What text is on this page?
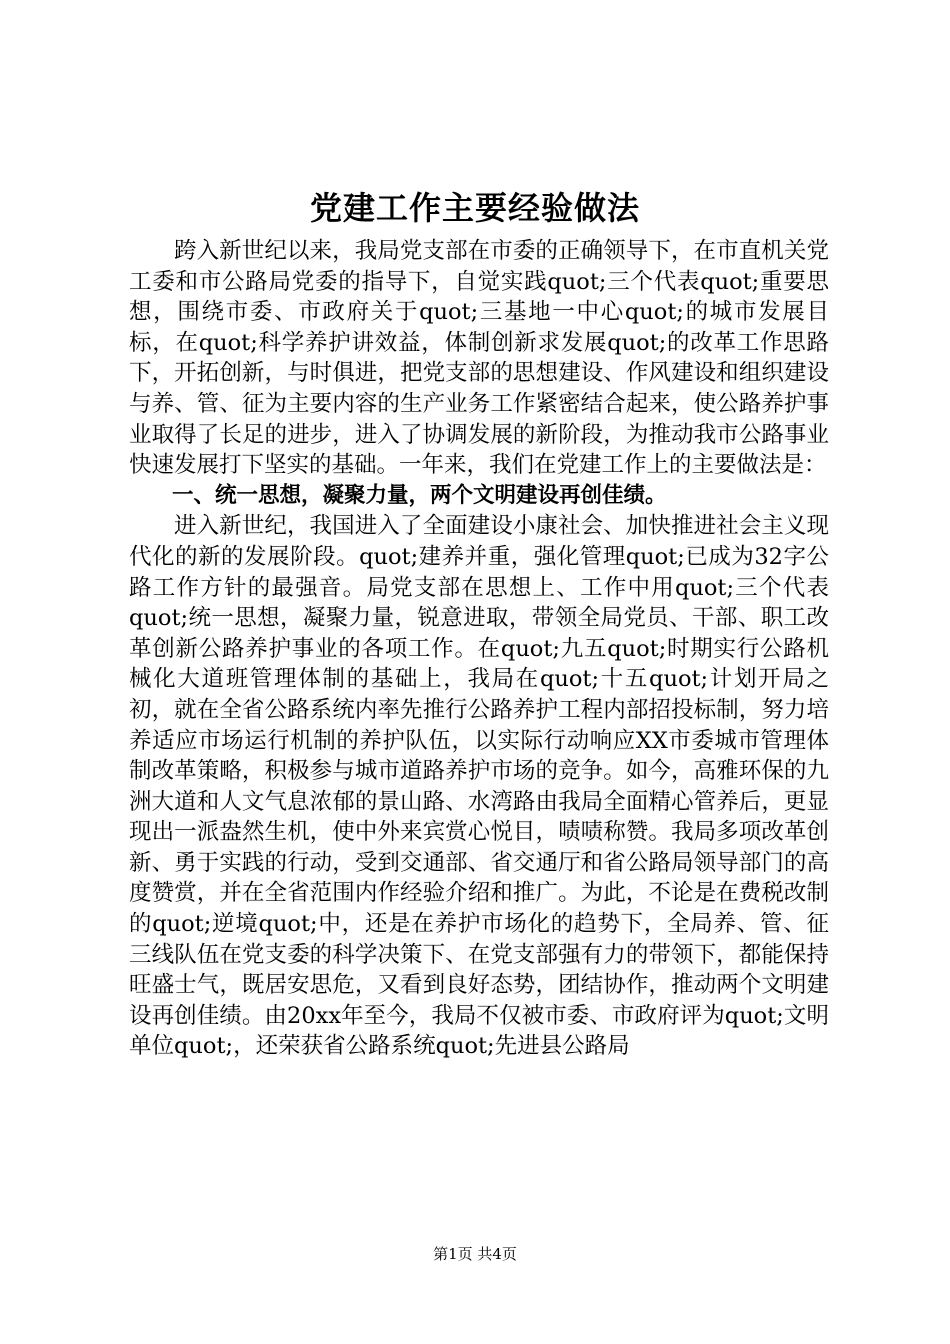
党建工作主要经验做法

跨入新世纪以来，我局党支部在市委的正确领导下，在市直机关党工委和市公路局党委的指导下，自觉实践quot;三个代表quot;重要思想，围绕市委、市政府关于quot;三基地一中心quot;的城市发展目标，在quot;科学养护讲效益，体制创新求发展quot;的改革工作思路下，开拓创新，与时俱进，把党支部的思想建设、作风建设和组织建设与养、管、征为主要内容的生产业务工作紧密结合起来，使公路养护事业取得了长足的进步，进入了协调发展的新阶段，为推动我市公路事业快速发展打下坚实的基础。一年来，我们在党建工作上的主要做法是：

一、统一思想，凝聚力量，两个文明建设再创佳绩。

进入新世纪，我国进入了全面建设小康社会、加快推进社会主义现代化的新的发展阶段。quot;建养并重，强化管理quot;已成为32字公路工作方针的最强音。局党支部在思想上、工作中用quot;三个代表quot;统一思想，凝聚力量，锐意进取，带领全局党员、干部、职工改革创新公路养护事业的各项工作。在quot;九五quot;时期实行公路机械化大道班管理体制的基础上，我局在quot;十五quot;计划开局之初，就在全省公路系统内率先推行公路养护工程内部招投标制，努力培养适应市场运行机制的养护队伍，以实际行动响应XX市委城市管理体制改革策略，积极参与城市道路养护市场的竞争。如今，高雅环保的九洲大道和人文气息浓郁的景山路、水湾路由我局全面精心管养后，更显现出一派盎然生机，使中外来宾赏心悦目，啧啧称赞。我局多项改革创新、勇于实践的行动，受到交通部、省交通厅和省公路局领导部门的高度赞赏，并在全省范围内作经验介绍和推广。为此，不论是在费税改制的quot;逆境quot;中，还是在养护市场化的趋势下，全局养、管、征三线队伍在党支委的科学决策下、在党支部强有力的带领下，都能保持旺盛士气，既居安思危，又看到良好态势，团结协作，推动两个文明建设再创佳绩。由20xx年至今，我局不仅被市委、市政府评为quot;文明单位quot;，还荣获省公路系统quot;先进县公路局

第1页 共4页
